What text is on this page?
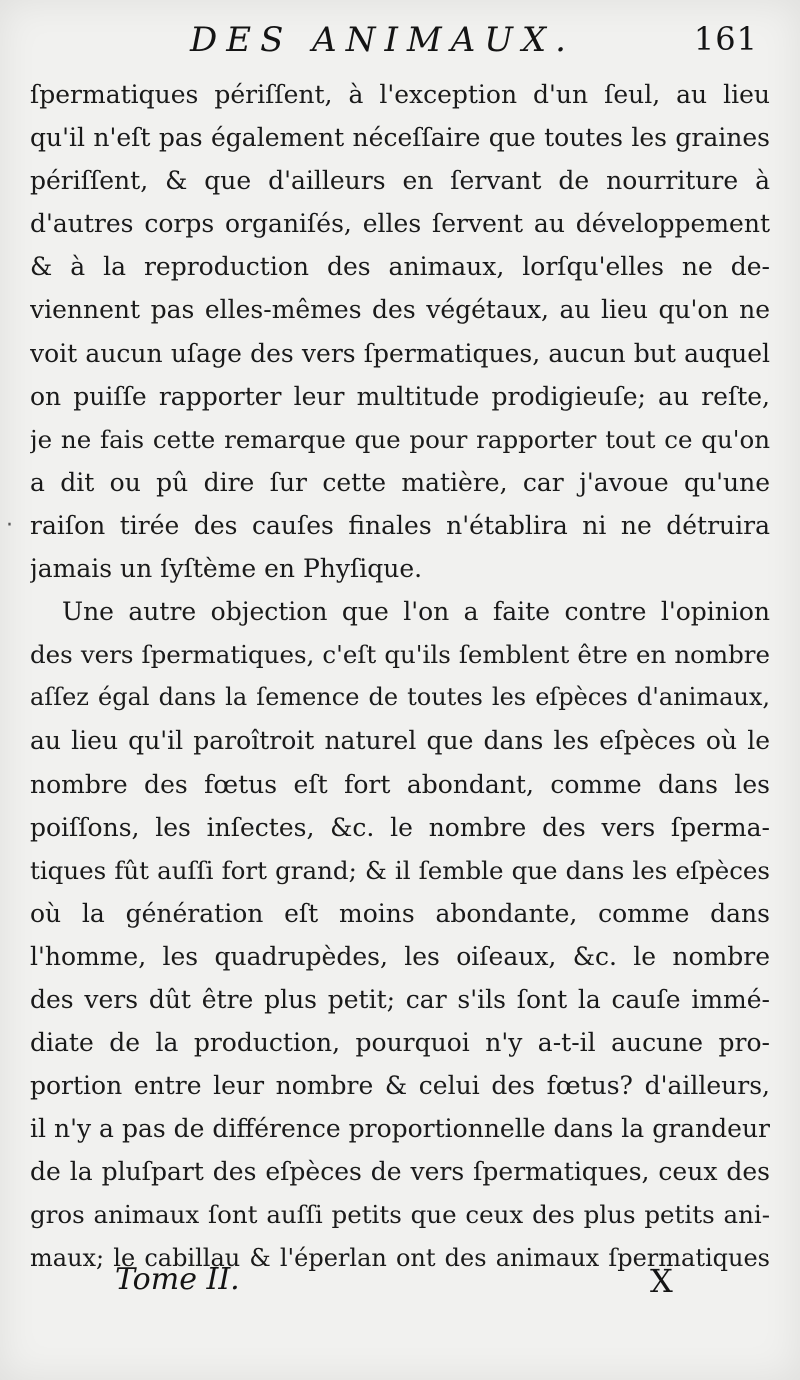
DES ANIMAUX.	161
·
ſpermatiques périſſent, à l'exception d'un ſeul, au lieu
qu'il n'eſt pas également néceſſaire que toutes les graines
périſſent, & que d'ailleurs en ſervant de nourriture à
d'autres corps organiſés, elles ſervent au développement
& à la reproduction des animaux, lorſqu'elles ne de-
viennent pas elles-mêmes des végétaux, au lieu qu'on ne
voit aucun uſage des vers ſpermatiques, aucun but auquel
on puiſſe rapporter leur multitude prodigieuſe; au reſte,
je ne fais cette remarque que pour rapporter tout ce qu'on
a dit ou pû dire ſur cette matière, car j'avoue qu'une
raiſon tirée des cauſes finales n'établira ni ne détruira
jamais un ſyſtème en Phyſique.
Une autre objection que l'on a faite contre l'opinion
des vers ſpermatiques, c'eſt qu'ils ſemblent être en nombre
aſſez égal dans la ſemence de toutes les eſpèces d'animaux,
au lieu qu'il paroîtroit naturel que dans les eſpèces où le
nombre des fœtus eſt fort abondant, comme dans les
poiſſons, les inſectes, &c. le nombre des vers ſperma-
tiques fût auſſi fort grand; & il ſemble que dans les eſpèces
où la génération eſt moins abondante, comme dans
l'homme, les quadrupèdes, les oiſeaux, &c. le nombre
des vers dût être plus petit; car s'ils ſont la cauſe immé-
diate de la production, pourquoi n'y a-t-il aucune pro-
portion entre leur nombre & celui des fœtus? d'ailleurs,
il n'y a pas de différence proportionnelle dans la grandeur
de la pluſpart des eſpèces de vers ſpermatiques, ceux des
gros animaux ſont auſſi petits que ceux des plus petits ani-
maux; le cabillau & l'éperlan ont des animaux ſpermatiques
Tome II.	X
